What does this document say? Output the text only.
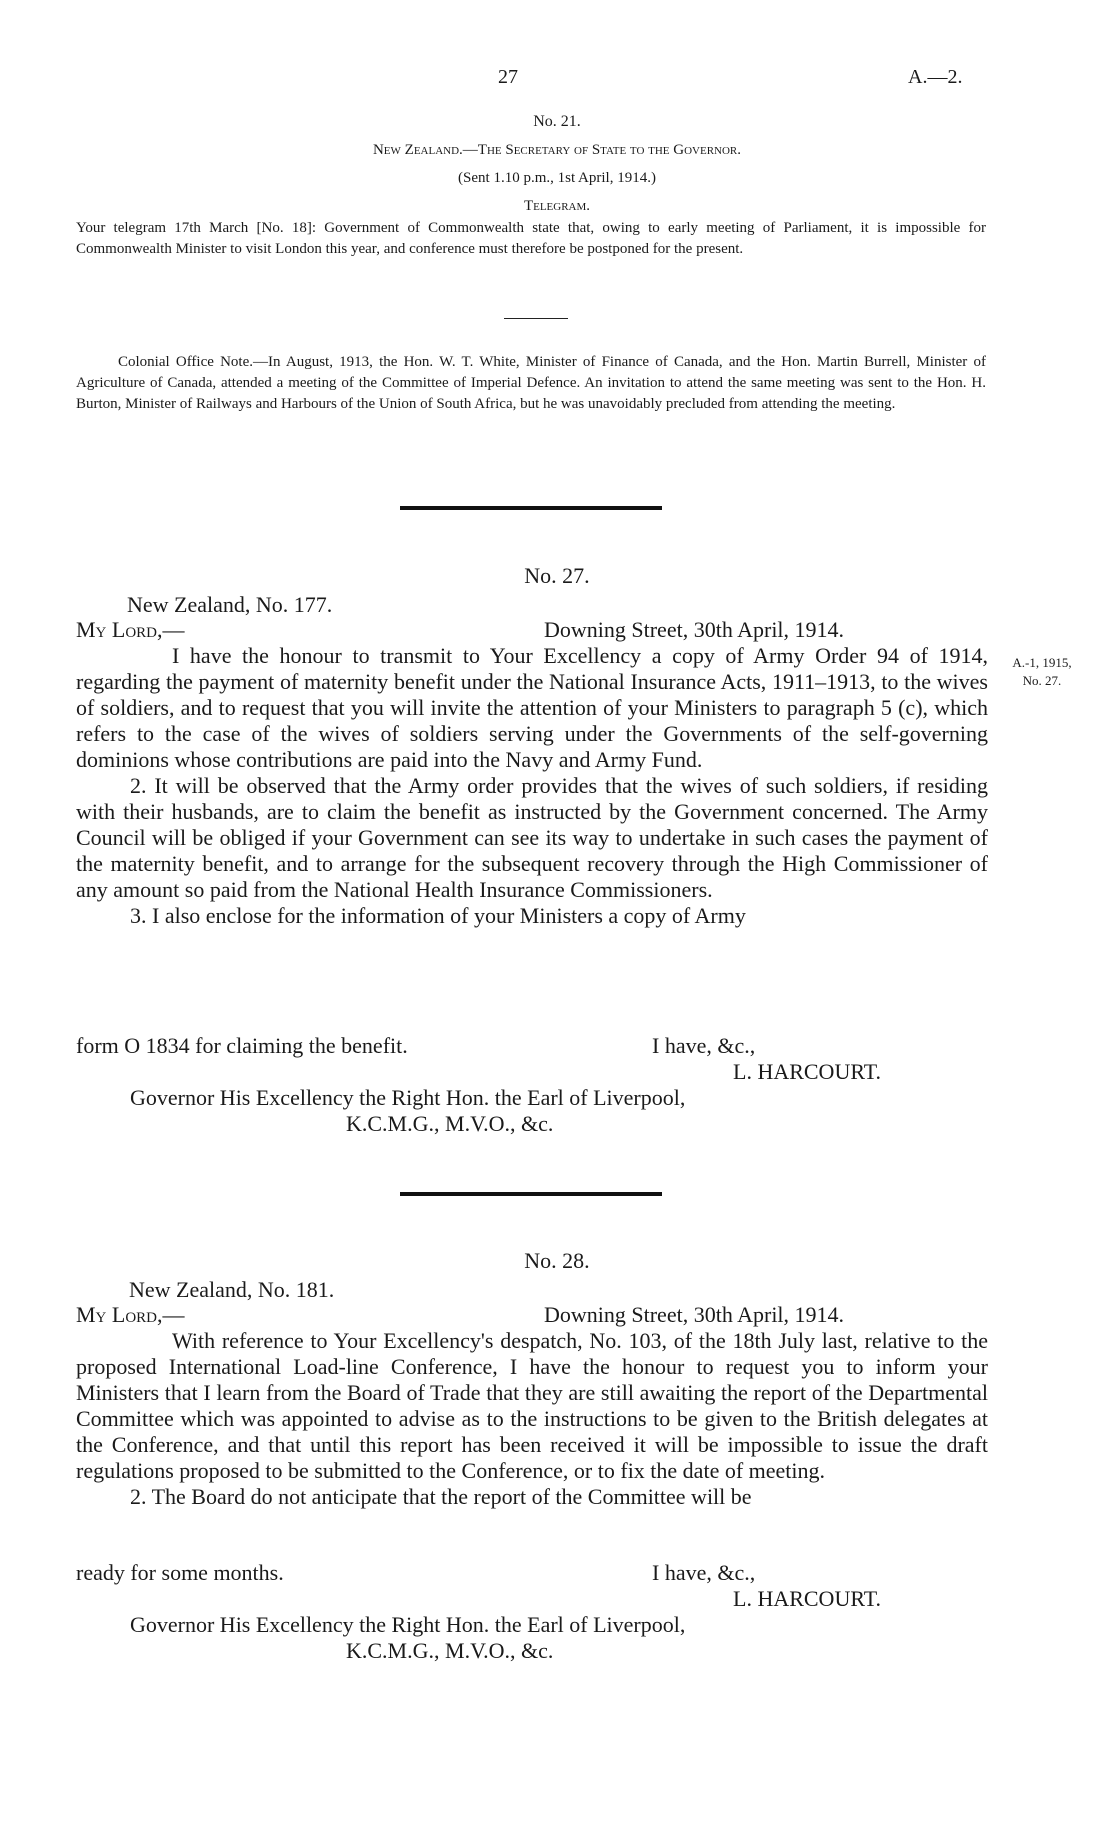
27	A.—2.
No. 21.
New Zealand.—The Secretary of State to the Governor.
(Sent 1.10 p.m., 1st April, 1914.)
Telegram.
Your telegram 17th March [No. 18]: Government of Commonwealth state that, owing to early meeting of Parliament, it is impossible for Commonwealth Minister to visit London this year, and conference must therefore be postponed for the present.
Colonial Office Note.—In August, 1913, the Hon. W. T. White, Minister of Finance of Canada, and the Hon. Martin Burrell, Minister of Agriculture of Canada, attended a meeting of the Committee of Imperial Defence. An invitation to attend the same meeting was sent to the Hon. H. Burton, Minister of Railways and Harbours of the Union of South Africa, but he was unavoidably precluded from attending the meeting.
No. 27.
New Zealand, No. 177.
My Lord,—	Downing Street, 30th April, 1914.

I have the honour to transmit to Your Excellency a copy of Army Order 94 of 1914, regarding the payment of maternity benefit under the National Insurance Acts, 1911–1913, to the wives of soldiers, and to request that you will invite the attention of your Ministers to paragraph 5 (c), which refers to the case of the wives of soldiers serving under the Governments of the self-governing dominions whose contributions are paid into the Navy and Army Fund.

2. It will be observed that the Army order provides that the wives of such soldiers, if residing with their husbands, are to claim the benefit as instructed by the Government concerned. The Army Council will be obliged if your Government can see its way to undertake in such cases the payment of the maternity benefit, and to arrange for the subsequent recovery through the High Commissioner of any amount so paid from the National Health Insurance Commissioners.

3. I also enclose for the information of your Ministers a copy of Army

form O 1834 for claiming the benefit.	I have, &c.,
L. HARCOURT.
Governor His Excellency the Right Hon. the Earl of Liverpool,
K.C.M.G., M.V.O., &c.
A.-1, 1915,
No. 27.
No. 28.
New Zealand, No. 181.
My Lord,—	Downing Street, 30th April, 1914.

With reference to Your Excellency's despatch, No. 103, of the 18th July last, relative to the proposed International Load-line Conference, I have the honour to request you to inform your Ministers that I learn from the Board of Trade that they are still awaiting the report of the Departmental Committee which was appointed to advise as to the instructions to be given to the British delegates at the Conference, and that until this report has been received it will be impossible to issue the draft regulations proposed to be submitted to the Conference, or to fix the date of meeting.

2. The Board do not anticipate that the report of the Committee will be

ready for some months.	I have, &c.,
L. HARCOURT.
Governor His Excellency the Right Hon. the Earl of Liverpool,
K.C.M.G., M.V.O., &c.
